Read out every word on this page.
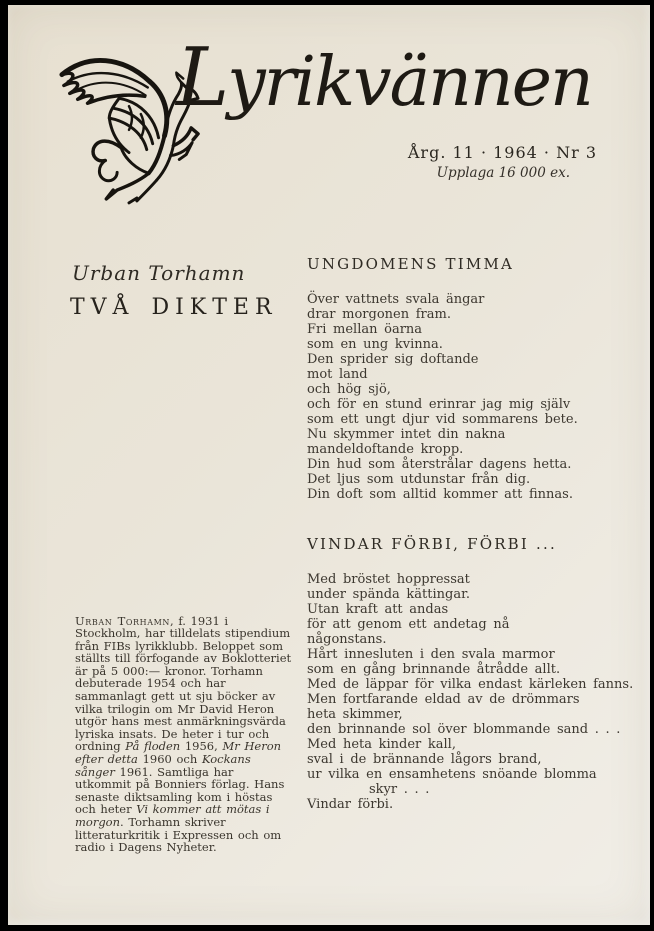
Lyrikvännen
Årg. 11 · 1964 · Nr 3
Upplaga 16 000 ex.
Urban Torhamn
TVÅ DIKTER

Urban Torhamn, f. 1931 i Stockholm, har tilldelats stipendium från FIBs lyrikklubb. Beloppet som ställts till förfogande av Boklotteriet är på 5 000:— kronor. Torhamn debuterade 1954 och har sammanlagt gett ut sju böcker av vilka trilogin om Mr David Heron utgör hans mest anmärkningsvärda lyriska insats. De heter i tur och ordning På floden 1956, Mr Heron efter detta 1960 och Kockans sånger 1961. Samtliga har utkommit på Bonniers förlag. Hans senaste diktsamling kom i höstas och heter Vi kommer att mötas i morgon. Torhamn skriver litteraturkritik i Expressen och om radio i Dagens Nyheter.

UNGDOMENS TIMMA
Över vattnets svala ängar
drar morgonen fram.
Fri mellan öarna
som en ung kvinna.
Den sprider sig doftande
mot land
och hög sjö,
och för en stund erinrar jag mig själv
som ett ungt djur vid sommarens bete.
Nu skymmer intet din nakna
mandeldoftande kropp.
Din hud som återstrålar dagens hetta.
Det ljus som utdunstar från dig.
Din doft som alltid kommer att finnas.
VINDAR FÖRBI, FÖRBI ...
Med bröstet hoppressat
under spända kättingar.
Utan kraft att andas
för att genom ett andetag nå
någonstans.
Hårt innesluten i den svala marmor
som en gång brinnande åtrådde allt.
Med de läppar för vilka endast kärleken fanns.
Men fortfarande eldad av de drömmars
heta skimmer,
den brinnande sol över blommande sand . . .
Med heta kinder kall,
sval i de brännande lågors brand,
ur vilka en ensamhetens snöande blomma
skyr . . .
Vindar förbi.
